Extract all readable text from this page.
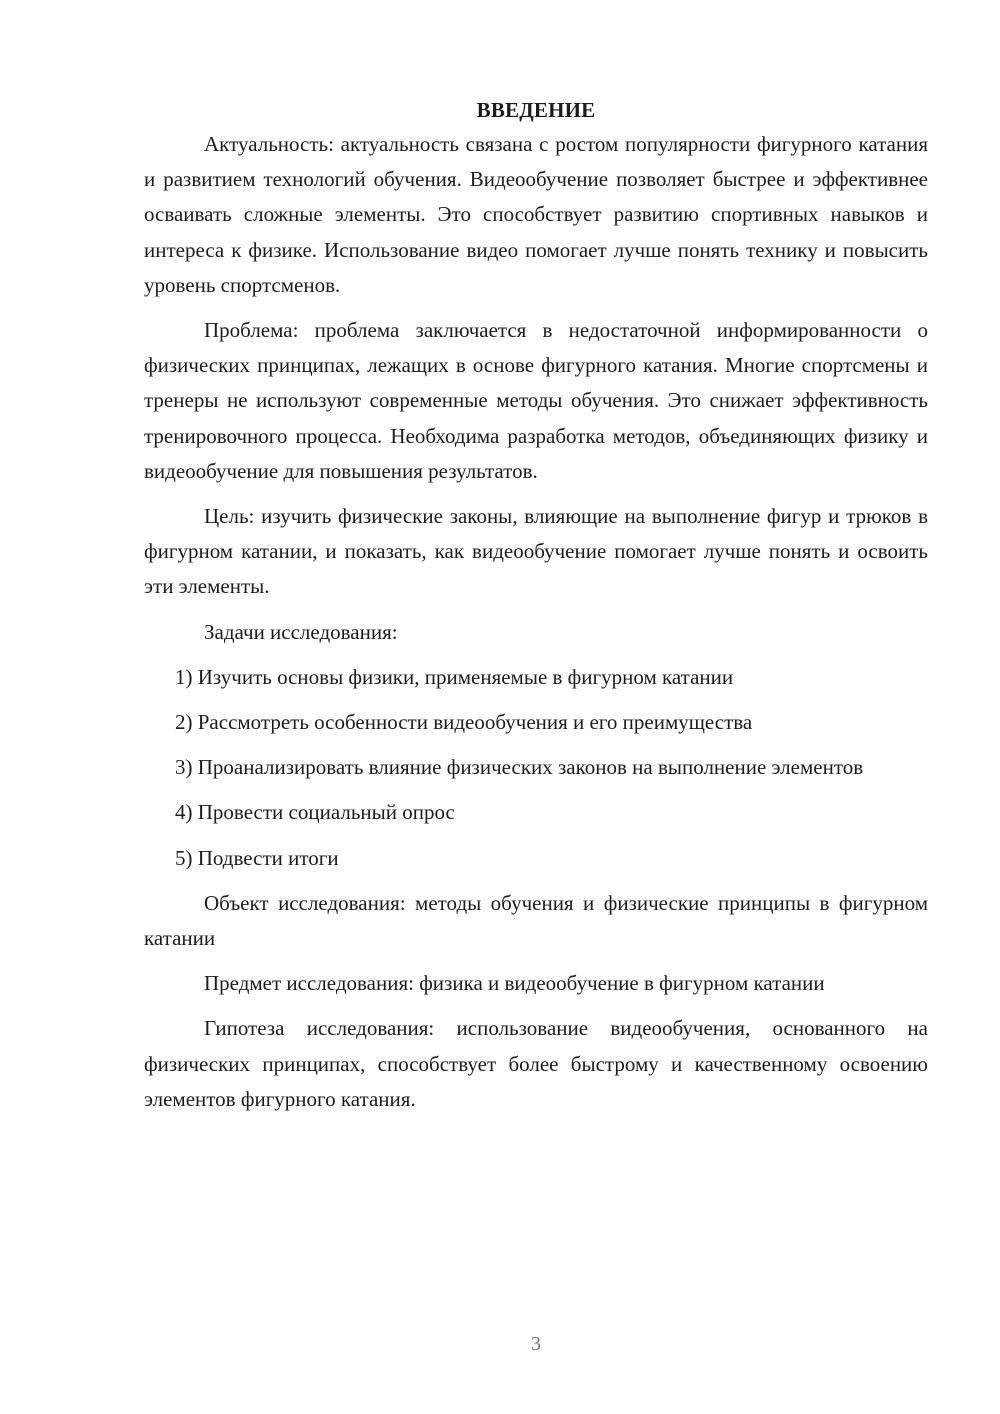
ВВЕДЕНИЕ

Актуальность: актуальность связана с ростом популярности фигурного катания и развитием технологий обучения. Видеообучение позволяет быстрее и эффективнее осваивать сложные элементы. Это способствует развитию спортивных навыков и интереса к физике. Использование видео помогает лучше понять технику и повысить уровень спортсменов.

Проблема: проблема заключается в недостаточной информированности о физических принципах, лежащих в основе фигурного катания. Многие спортсмены и тренеры не используют современные методы обучения. Это снижает эффективность тренировочного процесса. Необходима разработка методов, объединяющих физику и видеообучение для повышения результатов.

Цель: изучить физические законы, влияющие на выполнение фигур и трюков в фигурном катании, и показать, как видеообучение помогает лучше понять и освоить эти элементы.

Задачи исследования:

1) Изучить основы физики, применяемые в фигурном катании

2) Рассмотреть особенности видеообучения и его преимущества

3) Проанализировать влияние физических законов на выполнение элементов

4) Провести социальный опрос

5) Подвести итоги

Объект исследования: методы обучения и физические принципы в фигурном катании

Предмет исследования: физика и видеообучение в фигурном катании

Гипотеза исследования: использование видеообучения, основанного на физических принципах, способствует более быстрому и качественному освоению элементов фигурного катания.

3
